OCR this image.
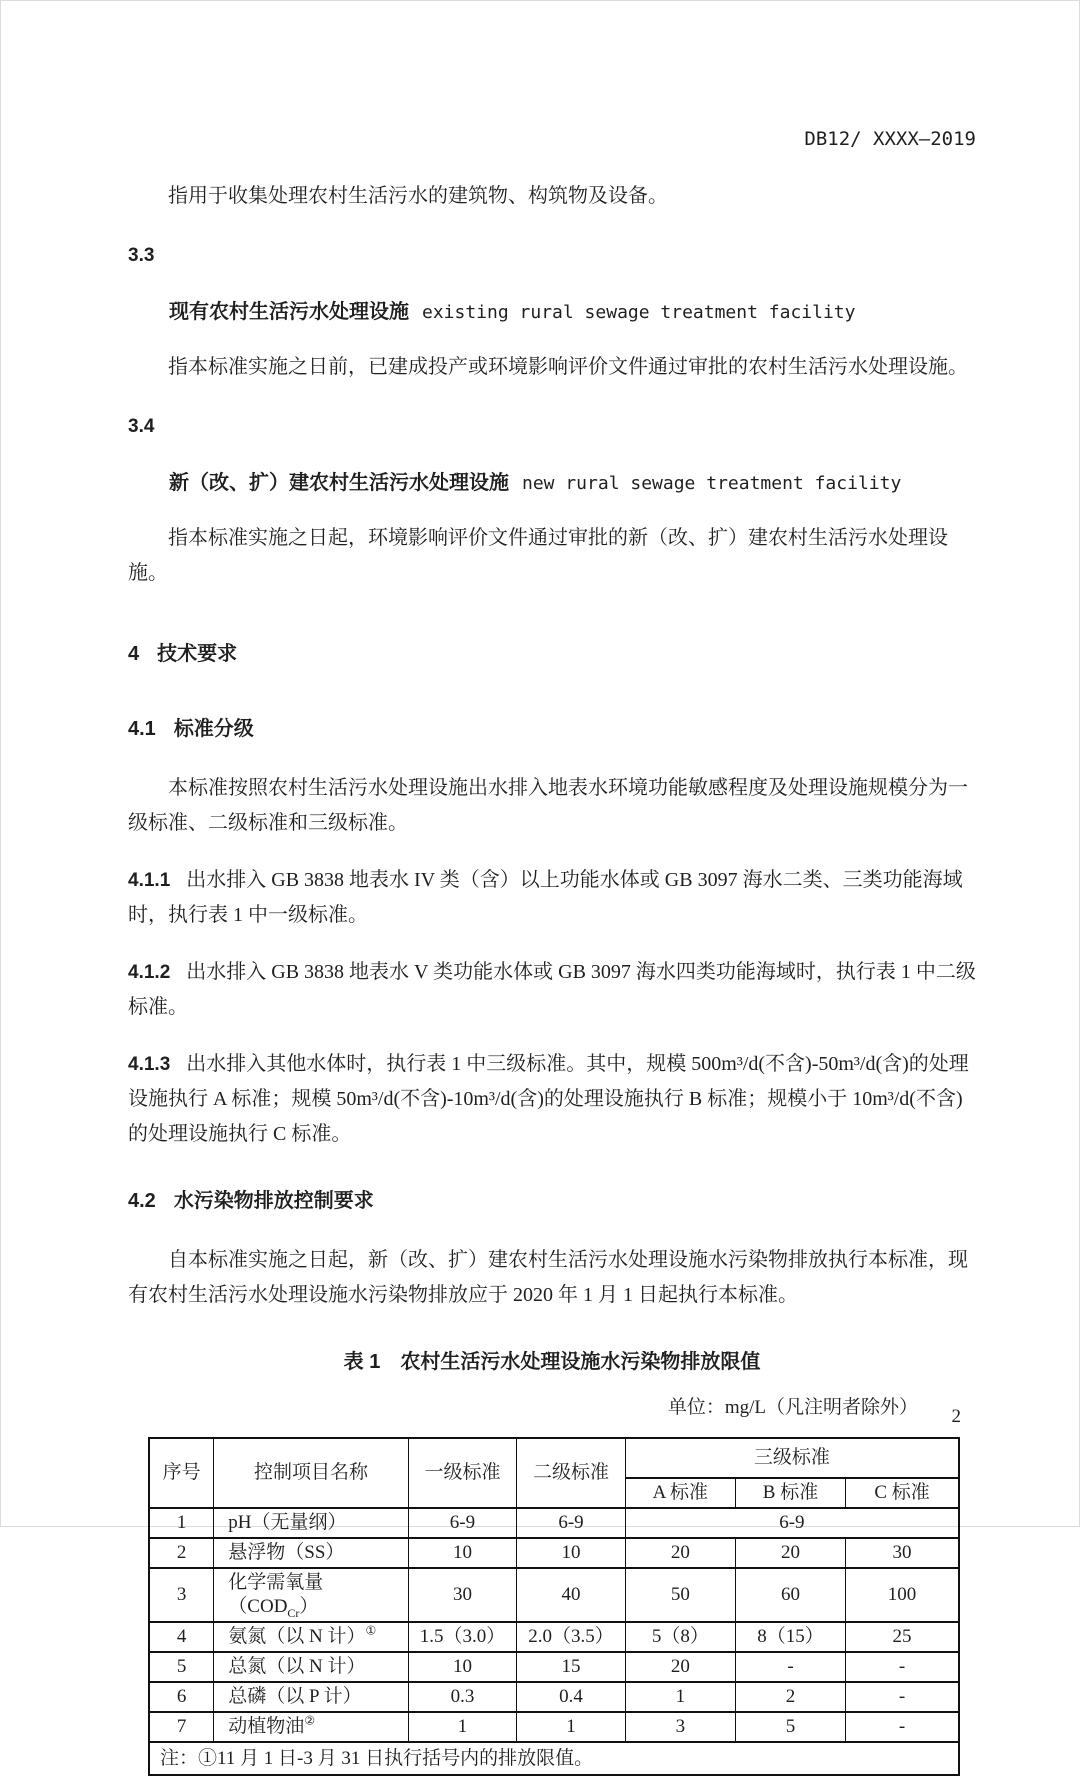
DB12/ XXXX—2019

指用于收集处理农村生活污水的建筑物、构筑物及设备。

3.3
现有农村生活污水处理设施 existing rural sewage treatment facility

指本标准实施之日前，已建成投产或环境影响评价文件通过审批的农村生活污水处理设施。

3.4
新（改、扩）建农村生活污水处理设施 new rural sewage treatment facility

指本标准实施之日起，环境影响评价文件通过审批的新（改、扩）建农村生活污水处理设施。

4 技术要求
4.1 标准分级

本标准按照农村生活污水处理设施出水排入地表水环境功能敏感程度及处理设施规模分为一级标准、二级标准和三级标准。

4.1.1 出水排入 GB 3838 地表水 IV 类（含）以上功能水体或 GB 3097 海水二类、三类功能海域时，执行表 1 中一级标准。

4.1.2 出水排入 GB 3838 地表水 V 类功能水体或 GB 3097 海水四类功能海域时，执行表 1 中二级标准。

4.1.3 出水排入其他水体时，执行表 1 中三级标准。其中，规模 500m³/d(不含)-50m³/d(含)的处理设施执行 A 标准；规模 50m³/d(不含)-10m³/d(含)的处理设施执行 B 标准；规模小于 10m³/d(不含)的处理设施执行 C 标准。

4.2 水污染物排放控制要求

自本标准实施之日起，新（改、扩）建农村生活污水处理设施水污染物排放执行本标准，现有农村生活污水处理设施水污染物排放应于 2020 年 1 月 1 日起执行本标准。

表 1　农村生活污水处理设施水污染物排放限值
单位：mg/L（凡注明者除外）
序号	控制项目名称	一级标准	二级标准	三级标准		
				A 标准	B 标准	C 标准
1	pH（无量纲）	6-9	6-9	6-9		
2	悬浮物（SS）	10	10	20	20	30
3	化学需氧量$(COD_{Cr})$	30	40	50	60	100
4	氨氮（以 N 计）①	1.5（3.0）	2.0（3.5）	5（8）	8（15）	25
5	总氮（以 N 计）	10	15	20	-	-
6	总磷（以 P 计）	0.3	0.4	1	2	-
7	动植物油②	1	1	3	5	-
注：①11 月 1 日-3 月 31 日执行括号内的排放限值。						
2
